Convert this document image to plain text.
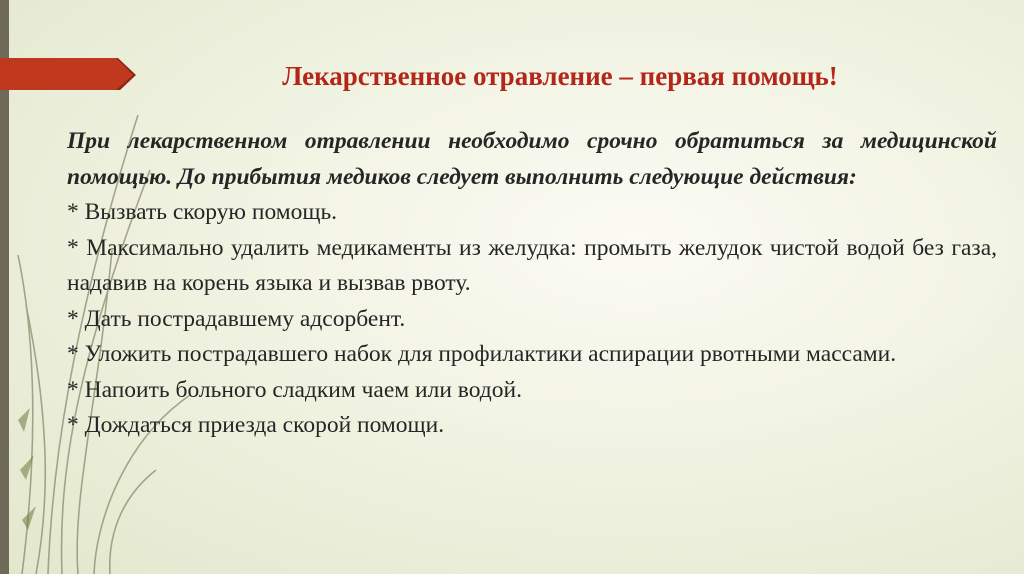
Лекарственное отравление – первая помощь!

При лекарственном отравлении необходимо срочно обратиться за медицинской помощью. До прибытия медиков следует выполнить следующие действия:

* Вызвать скорую помощь.
* Максимально удалить медикаменты из желудка: промыть желудок чистой водой без газа, надавив на корень языка и вызвав рвоту.
* Дать пострадавшему адсорбент.
* Уложить пострадавшего набок для профилактики аспирации рвотными массами.
* Напоить больного сладким чаем или водой.
* Дождаться приезда скорой помощи.
